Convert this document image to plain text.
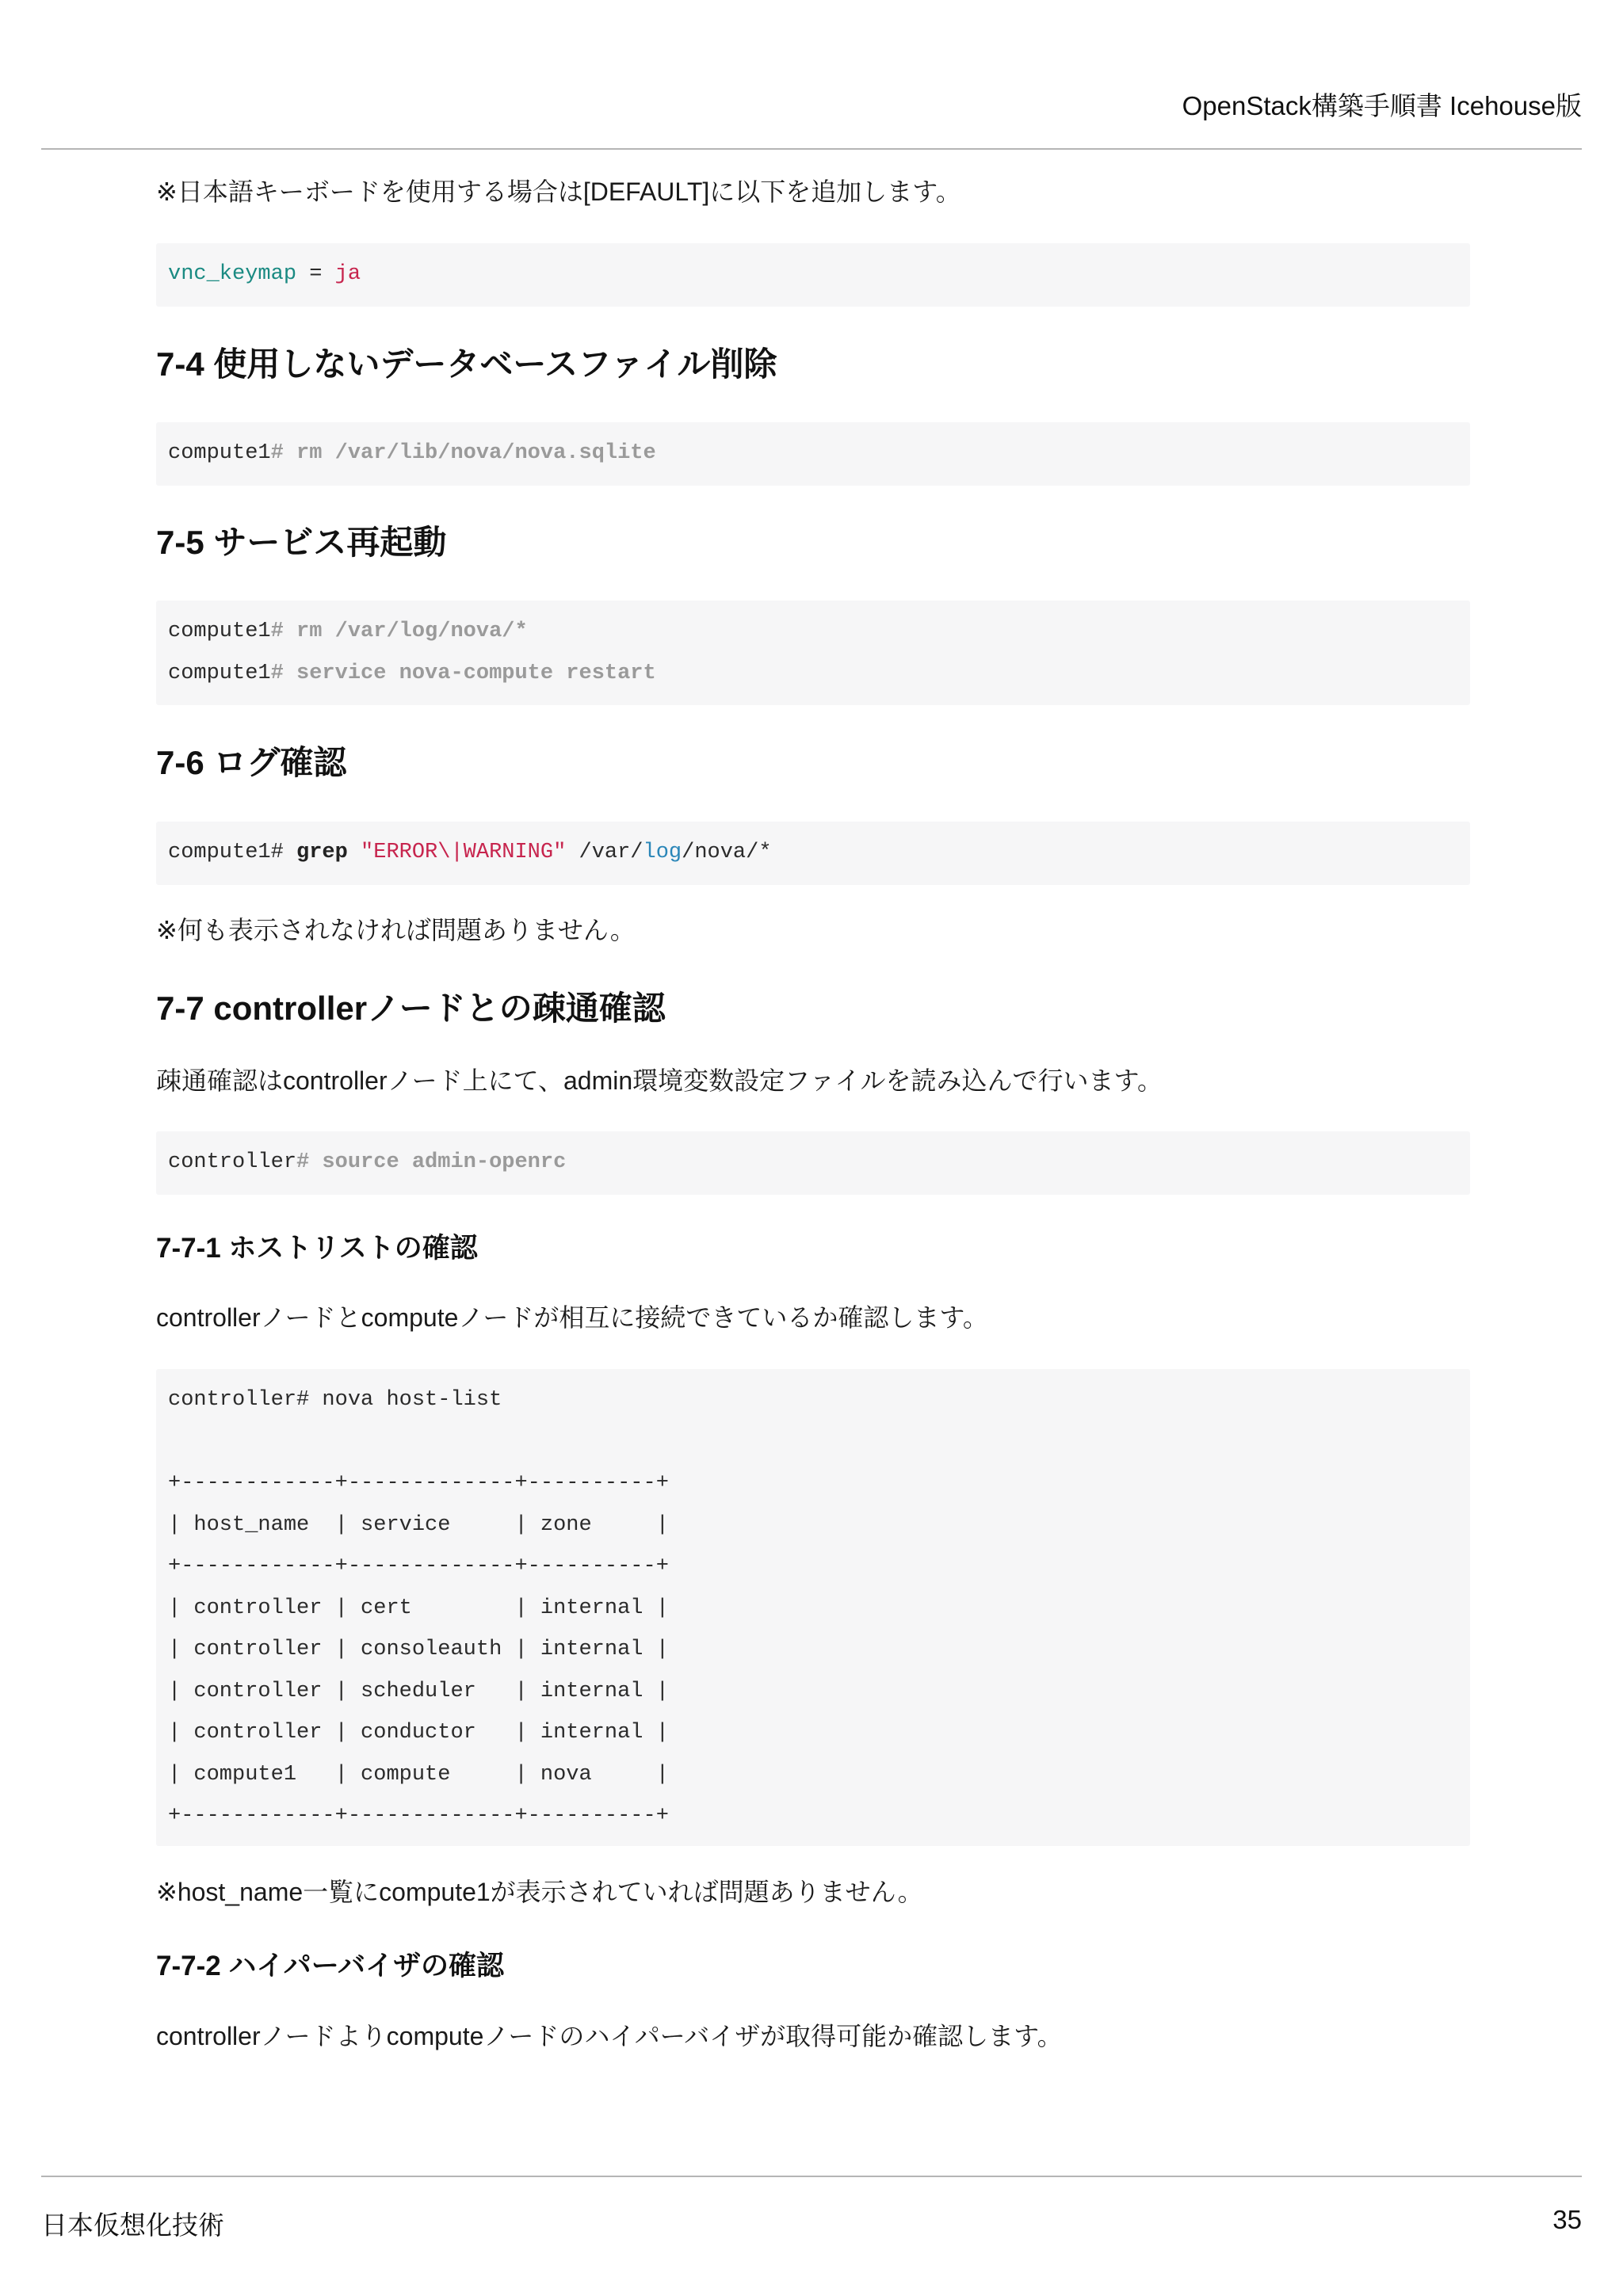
OpenStack構築手順書 Icehouse版
※日本語キーボードを使用する場合は[DEFAULT]に以下を追加します。
vnc_keymap = ja
7-4 使用しないデータベースファイル削除
compute1# rm /var/lib/nova/nova.sqlite
7-5 サービス再起動
compute1# rm /var/log/nova/*
compute1# service nova-compute restart
7-6 ログ確認
compute1# grep "ERROR\|WARNING" /var/log/nova/*
※何も表示されなければ問題ありません。
7-7 controllerノードとの疎通確認
疎通確認はcontrollerノード上にて、admin環境変数設定ファイルを読み込んで行います。
controller# source admin-openrc
7-7-1 ホストリストの確認
controllerノードとcomputeノードが相互に接続できているか確認します。
controller# nova host-list
+------------+-------------+----------+
| host_name  | service     | zone     |
+------------+-------------+----------+
| controller | cert        | internal |
| controller | consoleauth | internal |
| controller | scheduler   | internal |
| controller | conductor   | internal |
| compute1   | compute     | nova     |
+------------+-------------+----------+
※host_name一覧にcompute1が表示されていれば問題ありません。
7-7-2 ハイパーバイザの確認
controllerノードよりcomputeノードのハイパーバイザが取得可能か確認します。
日本仮想化技術	35
